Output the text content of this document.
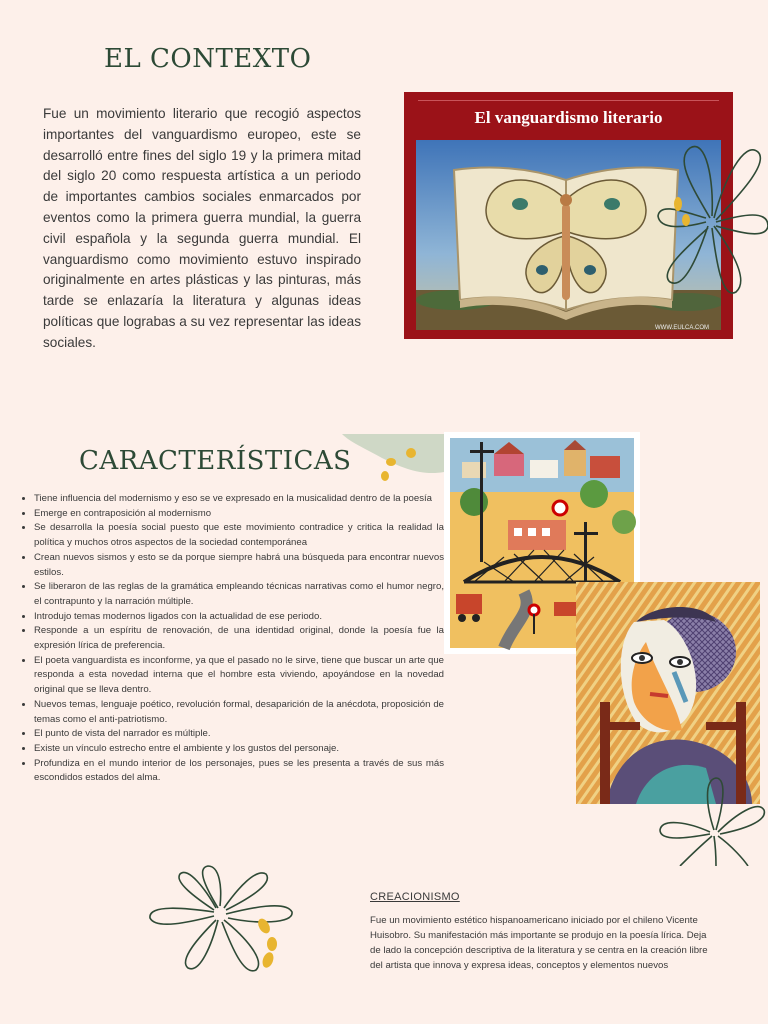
EL CONTEXTO

Fue un movimiento literario que recogió aspectos importantes del vanguardismo europeo, este se desarrolló entre fines del siglo 19 y la primera mitad del siglo 20 como respuesta artística a un periodo de importantes cambios sociales enmarcados por eventos como la primera guerra mundial, la guerra civil española y la segunda guerra mundial. El vanguardismo como movimiento estuvo inspirado originalmente en artes plásticas y las pinturas, más tarde se enlazaría la literatura y algunas ideas políticas que lograbas a su vez representar las ideas sociales.

El vanguardismo literario
WWW.EULCA.COM
CARACTERÍSTICAS
• Tiene influencia del modernismo y eso se ve expresado en la musicalidad dentro de la poesía
• Emerge en contraposición al modernismo
• Se desarrolla la poesía social puesto que este movimiento contradice y critica la realidad la política y muchos otros aspectos de la sociedad contemporánea
• Crean nuevos sismos y esto se da porque siempre habrá una búsqueda para encontrar nuevos estilos.
• Se liberaron de las reglas de la gramática empleando técnicas narrativas como el humor negro, el contrapunto y la narración múltiple.
• Introdujo temas modernos ligados con la actualidad de ese periodo.
• Responde a un espíritu de renovación, de una identidad original, donde la poesía fue la expresión lírica de preferencia.
• El poeta vanguardista es inconforme, ya que el pasado no le sirve, tiene que buscar un arte que responda a esta novedad interna que el hombre esta viviendo, apoyándose en la novedad original que se lleva dentro.
• Nuevos temas, lenguaje poético, revolución formal, desaparición de la anécdota, proposición de temas como el anti-patriotismo.
• El punto de vista del narrador es múltiple.
• Existe un vínculo estrecho entre el ambiente y los gustos del personaje.
• Profundiza en el mundo interior de los personajes, pues se les presenta a través de sus más escondidos estados del alma.
CREACIONISMO

Fue un movimiento estético hispanoamericano iniciado por el chileno Vicente Huisobro. Su manifestación más importante se produjo en la poesía lírica. Deja de lado la concepción descriptiva de la literatura y se centra en la creación libre del artista que innova y expresa ideas, conceptos y elementos nuevos
